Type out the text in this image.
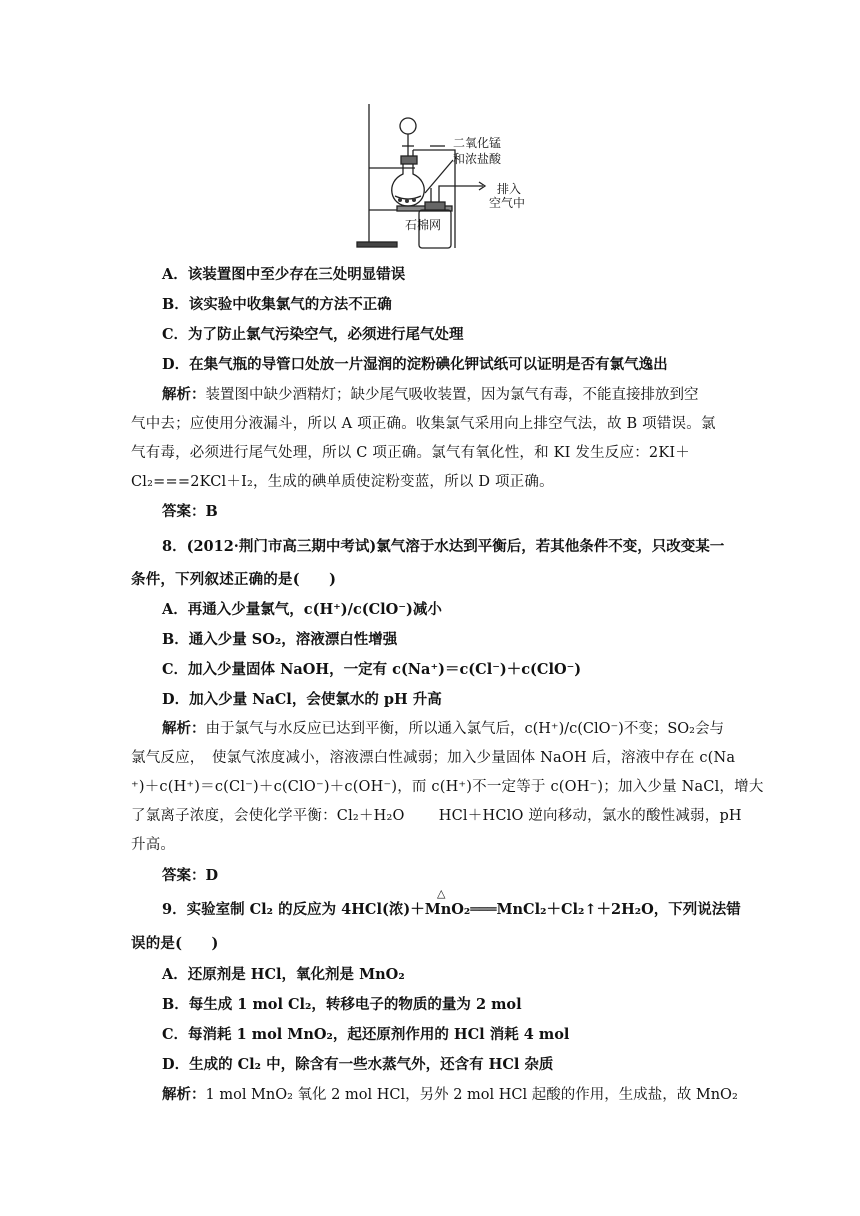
二氧化锰
和浓盐酸
排入
空气中
石棉网
A．该装置图中至少存在三处明显错误
B．该实验中收集氯气的方法不正确
C．为了防止氯气污染空气，必须进行尾气处理
D．在集气瓶的导管口处放一片湿润的淀粉碘化钾试纸可以证明是否有氯气逸出
解析：装置图中缺少酒精灯；缺少尾气吸收装置，因为氯气有毒，不能直接排放到空
气中去；应使用分液漏斗，所以 A 项正确。收集氯气采用向上排空气法，故 B 项错误。氯
气有毒，必须进行尾气处理，所以 C 项正确。氯气有氧化性，和 KI 发生反应：2KI＋
Cl₂===2KCl＋I₂，生成的碘单质使淀粉变蓝，所以 D 项正确。
答案：B
8．(2012·荆门市高三期中考试)氯气溶于水达到平衡后，若其他条件不变，只改变某一
条件，下列叙述正确的是(　　)
A．再通入少量氯气，c(H⁺)/c(ClO⁻)减小
B．通入少量 SO₂，溶液漂白性增强
C．加入少量固体 NaOH，一定有 c(Na⁺)＝c(Cl⁻)＋c(ClO⁻)
D．加入少量 NaCl，会使氯水的 pH 升高
解析：由于氯气与水反应已达到平衡，所以通入氯气后，c(H⁺)/c(ClO⁻)不变；SO₂会与
氯气反应，　使氯气浓度减小，溶液漂白性减弱；加入少量固体 NaOH 后，溶液中存在 c(Na
⁺)＋c(H⁺)＝c(Cl⁻)＋c(ClO⁻)＋c(OH⁻)，而 c(H⁺)不一定等于 c(OH⁻)；加入少量 NaCl，增大
了氯离子浓度，会使化学平衡：Cl₂＋H₂O　　 HCl＋HClO 逆向移动，氯水的酸性减弱，pH
升高。
答案：D
9．实验室制 Cl₂ 的反应为 4HCl(浓)＋MnO₂═══MnCl₂＋Cl₂↑＋2H₂O，下列说法错
△
误的是(　　)
A．还原剂是 HCl，氧化剂是 MnO₂
B．每生成 1 mol Cl₂，转移电子的物质的量为 2 mol
C．每消耗 1 mol MnO₂，起还原剂作用的 HCl 消耗 4 mol
D．生成的 Cl₂ 中，除含有一些水蒸气外，还含有 HCl 杂质
解析：1 mol MnO₂ 氧化 2 mol HCl，另外 2 mol HCl 起酸的作用，生成盐，故 MnO₂
